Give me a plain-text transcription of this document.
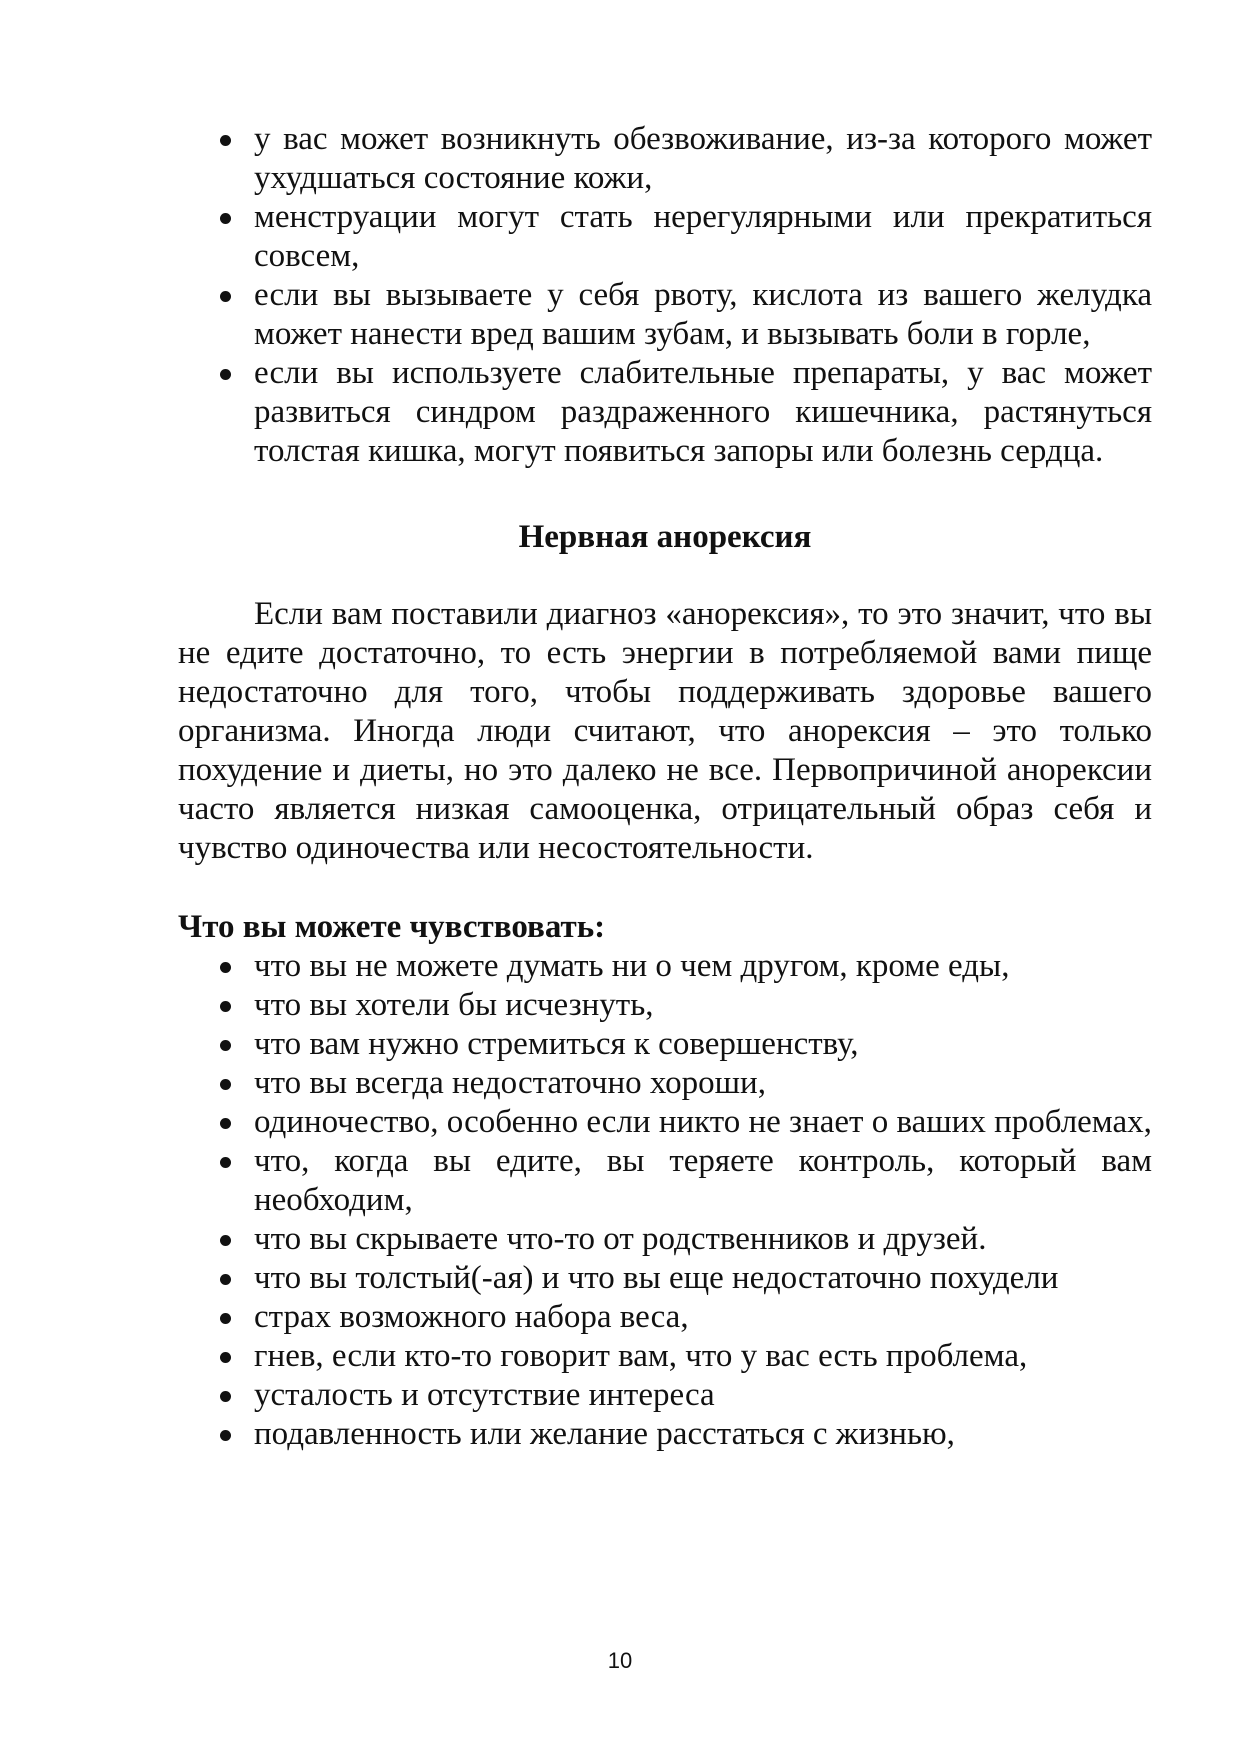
у вас может возникнуть обезвоживание, из-за которого может ухудшаться состояние кожи,
менструации могут стать нерегулярными или прекратиться совсем,
если вы вызываете у себя рвоту, кислота из вашего желудка может нанести вред вашим зубам, и вызывать боли в горле,
если вы используете слабительные препараты, у вас может развиться синдром раздраженного кишечника, растянуться толстая кишка, могут появиться запоры или болезнь сердца.
Нервная анорексия

Если вам поставили диагноз «анорексия», то это значит, что вы не едите достаточно, то есть энергии в потребляемой вами пище недостаточно для того, чтобы поддерживать здоровье вашего организма. Иногда люди считают, что анорексия – это только похудение и диеты, но это далеко не все. Первопричиной анорексии часто является низкая самооценка, отрицательный образ себя и чувство одиночества или несостоятельности.

Что вы можете чувствовать:
что вы не можете думать ни о чем другом, кроме еды,
что вы хотели бы исчезнуть,
что вам нужно стремиться к совершенству,
что вы всегда недостаточно хороши,
одиночество, особенно если никто не знает о ваших проблемах,
что, когда вы едите, вы теряете контроль, который вам необходим,
что вы скрываете что-то от родственников и друзей.
что вы толстый(-ая) и что вы еще недостаточно похудели
страх возможного набора веса,
гнев, если кто-то говорит вам, что у вас есть проблема,
усталость и отсутствие интереса
подавленность или желание расстаться с жизнью,
10
